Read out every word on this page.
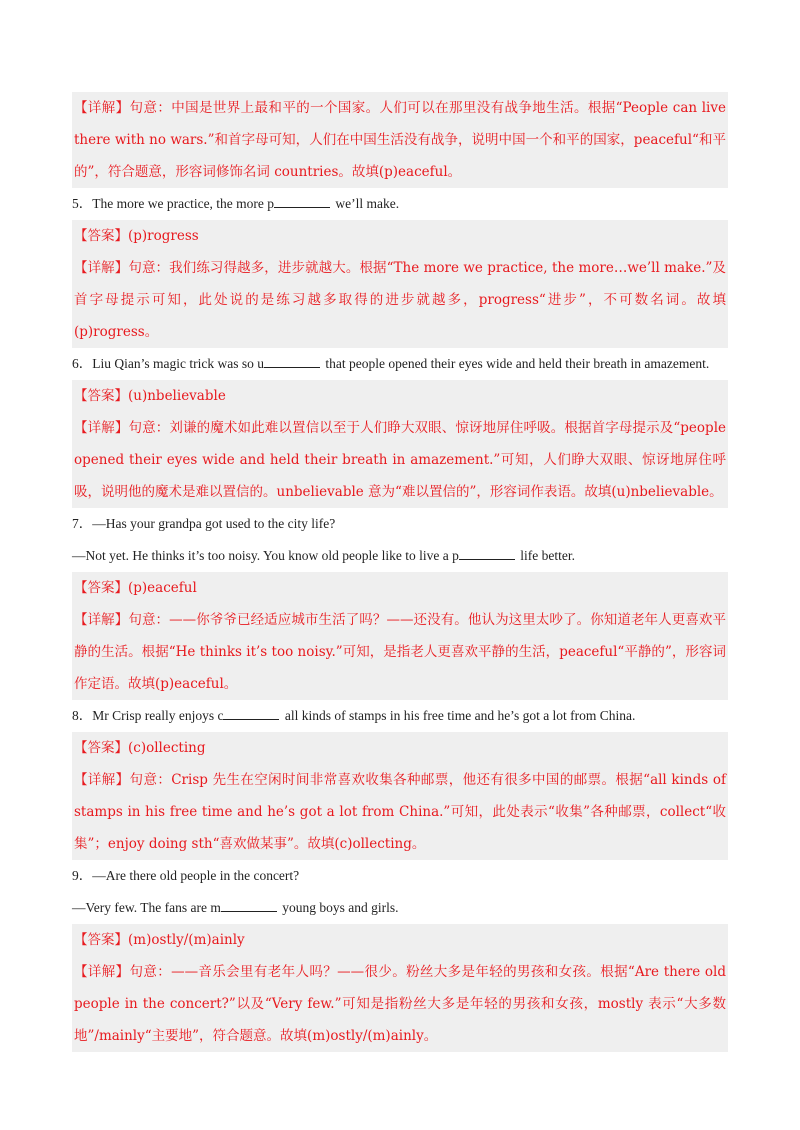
【详解】句意：中国是世界上最和平的一个国家。人们可以在那里没有战争地生活。根据“People can live there with no wars.”和首字母可知，人们在中国生活没有战争，说明中国一个和平的国家，peaceful“和平的”，符合题意，形容词修饰名词 countries。故填(p)eaceful。
5．The more we practice, the more p	we’ll make.
【答案】(p)rogress
【详解】句意：我们练习得越多，进步就越大。根据“The more we practice, the more…we’ll make.”及首字母提示可知，此处说的是练习越多取得的进步就越多，progress“进步”，不可数名词。故填(p)rogress。
6．Liu Qian’s magic trick was so u	that people opened their eyes wide and held their breath in amazement.
【答案】(u)nbelievable
【详解】句意：刘谦的魔术如此难以置信以至于人们睁大双眼、惊讶地屏住呼吸。根据首字母提示及“people opened their eyes wide and held their breath in amazement.”可知，人们睁大双眼、惊讶地屏住呼吸，说明他的魔术是难以置信的。unbelievable 意为“难以置信的”，形容词作表语。故填(u)nbelievable。
7．—Has your grandpa got used to the city life?
—Not yet. He thinks it’s too noisy. You know old people like to live a p	life better.
【答案】(p)eaceful
【详解】句意：——你爷爷已经适应城市生活了吗？——还没有。他认为这里太吵了。你知道老年人更喜欢平静的生活。根据“He thinks it’s too noisy.”可知，是指老人更喜欢平静的生活，peaceful“平静的”，形容词作定语。故填(p)eaceful。
8．Mr Crisp really enjoys c	all kinds of stamps in his free time and he’s got a lot from China.
【答案】(c)ollecting
【详解】句意：Crisp 先生在空闲时间非常喜欢收集各种邮票，他还有很多中国的邮票。根据“all kinds of stamps in his free time and he’s got a lot from China.”可知，此处表示“收集”各种邮票，collect“收集”；enjoy doing sth“喜欢做某事”。故填(c)ollecting。
9．—Are there old people in the concert?
—Very few. The fans are m	young boys and girls.
【答案】(m)ostly/(m)ainly
【详解】句意：——音乐会里有老年人吗？——很少。粉丝大多是年轻的男孩和女孩。根据“Are there old people in the concert?”以及“Very few.”可知是指粉丝大多是年轻的男孩和女孩，mostly 表示“大多数地”/mainly“主要地”，符合题意。故填(m)ostly/(m)ainly。
